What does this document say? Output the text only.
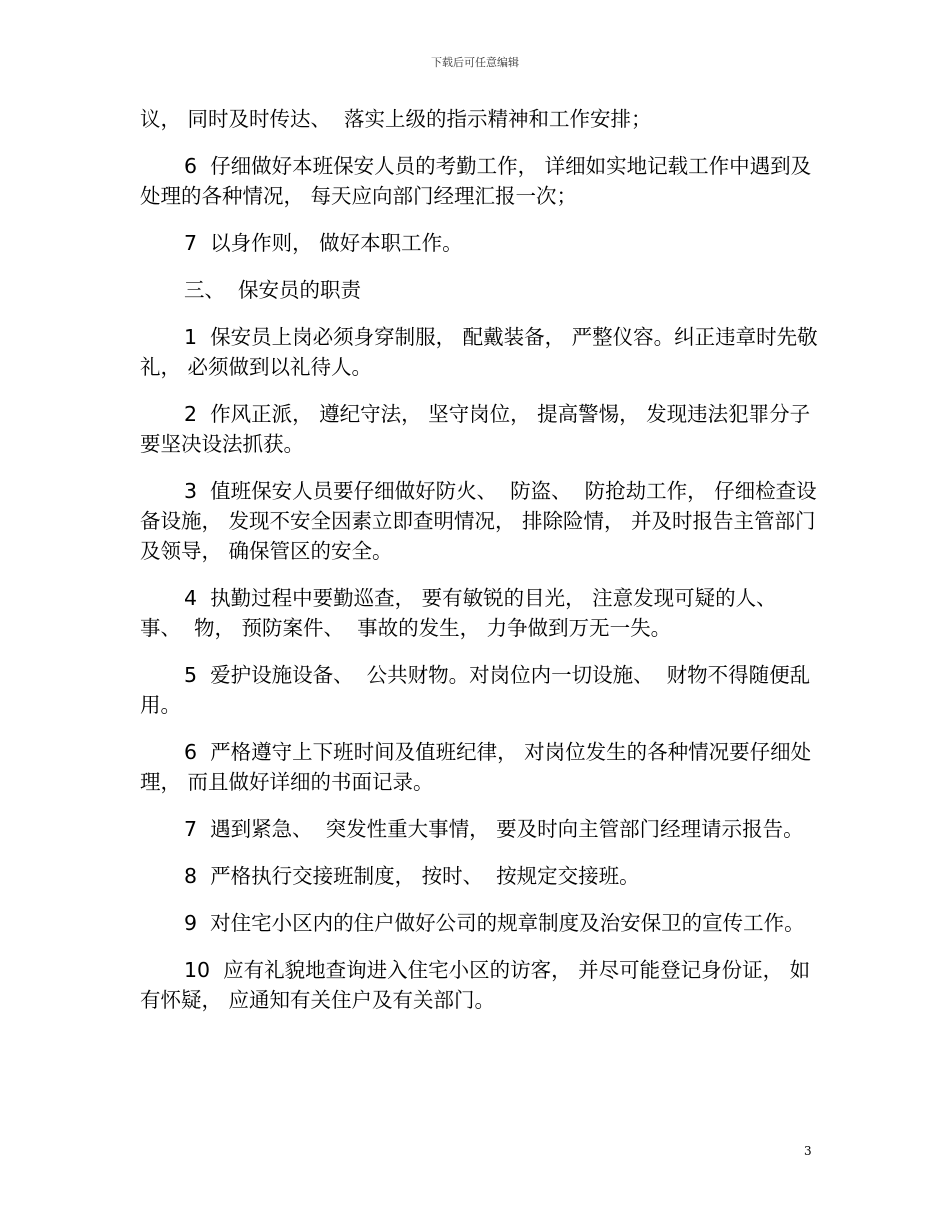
下载后可任意编辑

议， 同时及时传达、  落实上级的指示精神和工作安排；

6  仔细做好本班保安人员的考勤工作， 详细如实地记载工作中遇到及处理的各种情况， 每天应向部门经理汇报一次；

7  以身作则， 做好本职工作。

三、  保安员的职责

1  保安员上岗必须身穿制服， 配戴装备， 严整仪容。纠正违章时先敬礼， 必须做到以礼待人。

2  作风正派， 遵纪守法， 坚守岗位， 提高警惕， 发现违法犯罪分子要坚决设法抓获。

3  值班保安人员要仔细做好防火、  防盗、  防抢劫工作， 仔细检查设备设施， 发现不安全因素立即查明情况， 排除险情， 并及时报告主管部门及领导， 确保管区的安全。

4  执勤过程中要勤巡查， 要有敏锐的目光， 注意发现可疑的人、 事、  物， 预防案件、  事故的发生， 力争做到万无一失。

5  爱护设施设备、  公共财物。对岗位内一切设施、  财物不得随便乱用。

6  严格遵守上下班时间及值班纪律， 对岗位发生的各种情况要仔细处理， 而且做好详细的书面记录。

7  遇到紧急、  突发性重大事情， 要及时向主管部门经理请示报告。

8  严格执行交接班制度， 按时、  按规定交接班。

9  对住宅小区内的住户做好公司的规章制度及治安保卫的宣传工作。

10  应有礼貌地查询进入住宅小区的访客， 并尽可能登记身份证， 如有怀疑， 应通知有关住户及有关部门。

3
